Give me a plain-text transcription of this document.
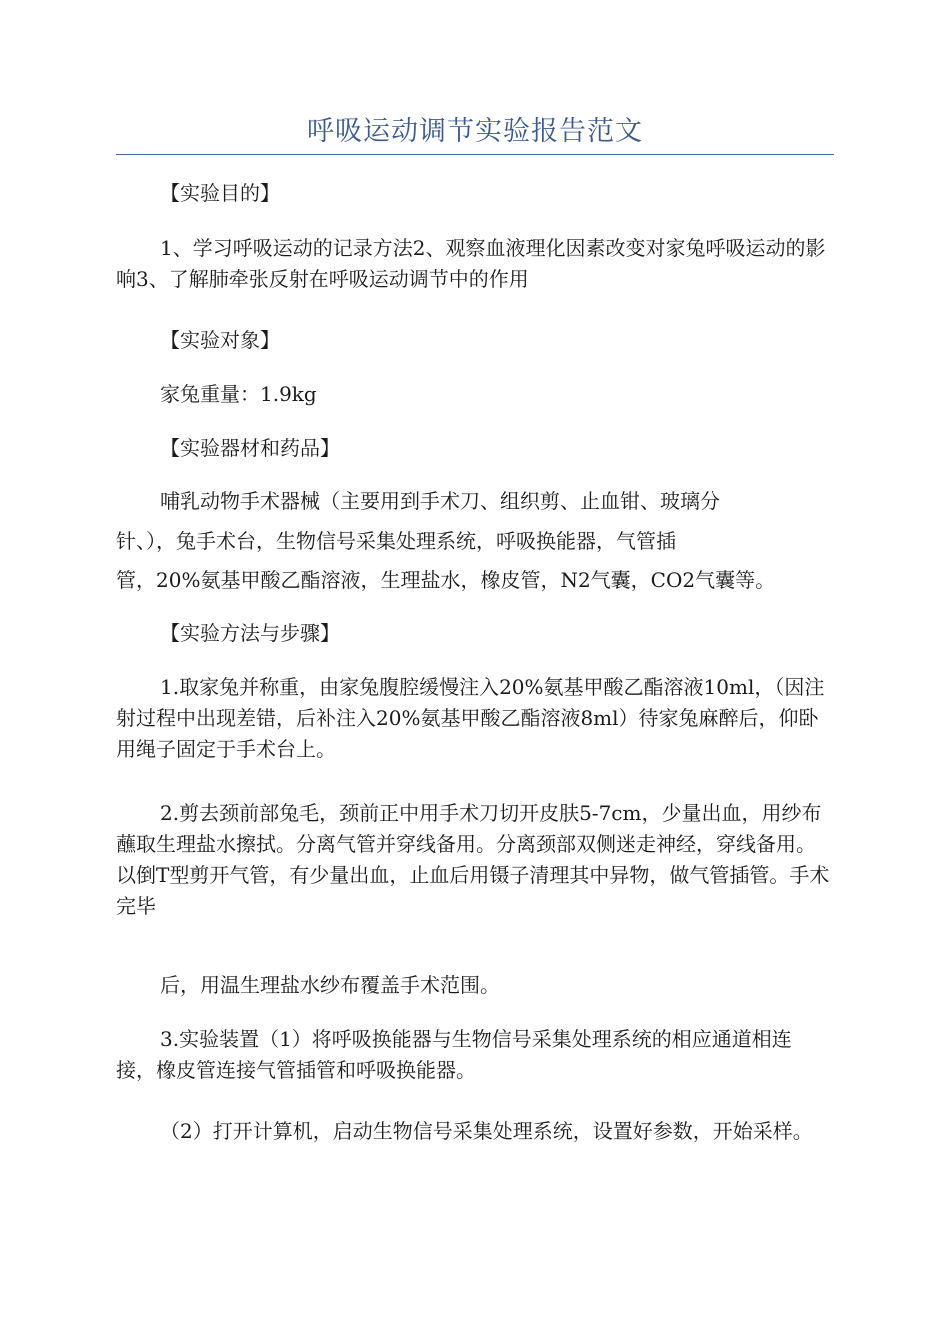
呼吸运动调节实验报告范文

【实验目的】

1、学习呼吸运动的记录方法2、观察血液理化因素改变对家兔呼吸运动的影响3、了解肺牵张反射在呼吸运动调节中的作用

【实验对象】

家兔重量：1.9kg

【实验器材和药品】

哺乳动物手术器械（主要用到手术刀、组织剪、止血钳、玻璃分

针、），兔手术台，生物信号采集处理系统，呼吸换能器，气管插

管，20%氨基甲酸乙酯溶液，生理盐水，橡皮管，N2气囊，CO2气囊等。

【实验方法与步骤】

1.取家兔并称重，由家兔腹腔缓慢注入20%氨基甲酸乙酯溶液10ml，（因注射过程中出现差错，后补注入20%氨基甲酸乙酯溶液8ml）待家兔麻醉后，仰卧用绳子固定于手术台上。

2.剪去颈前部兔毛，颈前正中用手术刀切开皮肤5-7cm，少量出血，用纱布蘸取生理盐水擦拭。分离气管并穿线备用。分离颈部双侧迷走神经，穿线备用。以倒T型剪开气管，有少量出血，止血后用镊子清理其中异物，做气管插管。手术完毕

后，用温生理盐水纱布覆盖手术范围。

3.实验装置（1）将呼吸换能器与生物信号采集处理系统的相应通道相连接，橡皮管连接气管插管和呼吸换能器。

（2）打开计算机，启动生物信号采集处理系统，设置好参数，开始采样。
